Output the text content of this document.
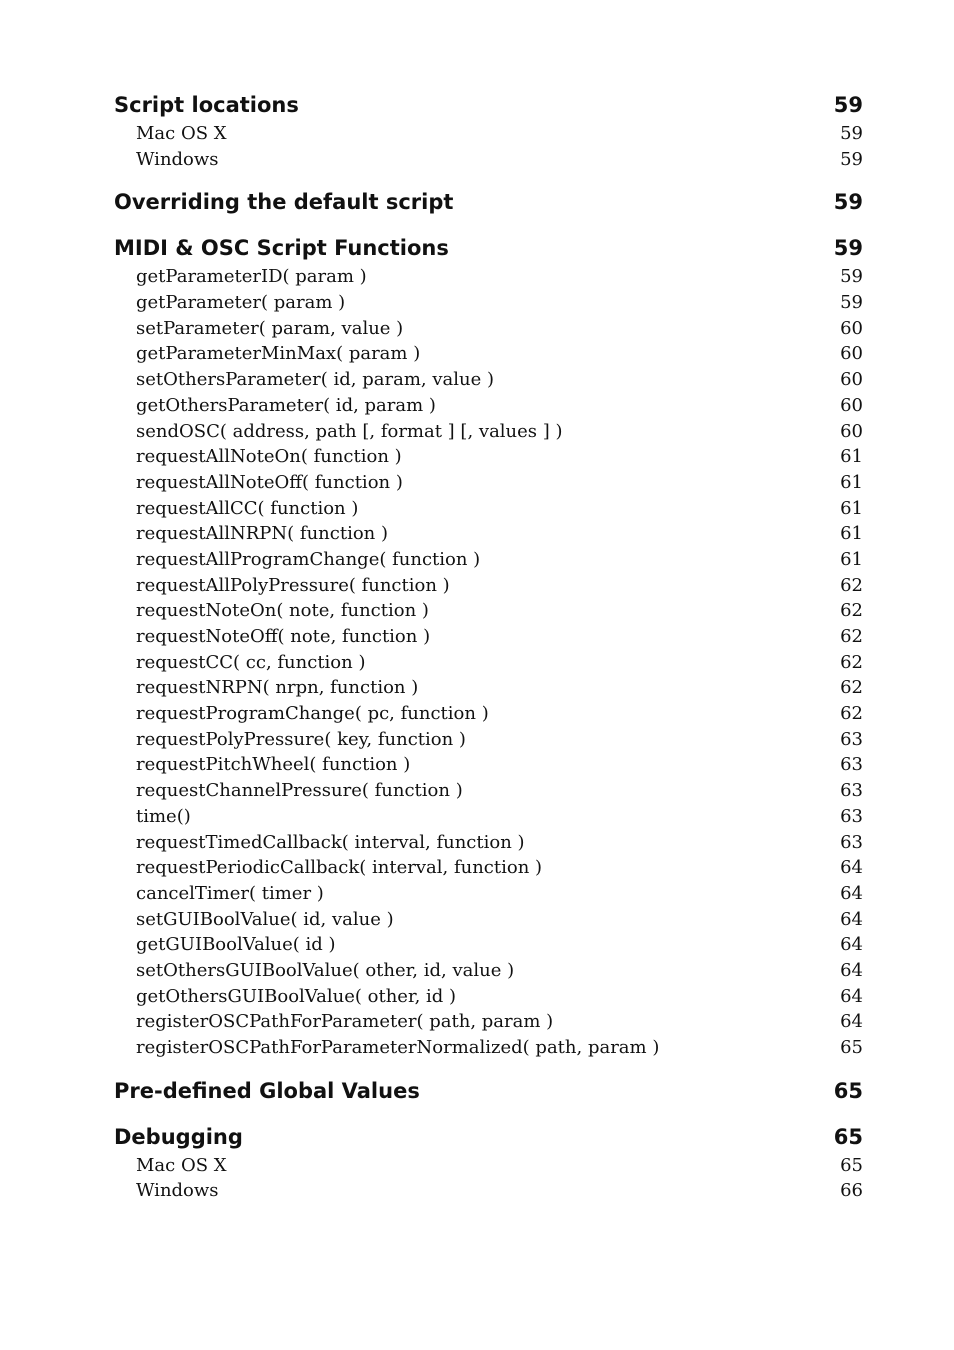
Script locations	59
Mac OS X	59
Windows	59
Overriding the default script	59
MIDI & OSC Script Functions	59
getParameterID( param )	59
getParameter( param )	59
setParameter( param, value )	60
getParameterMinMax( param )	60
setOthersParameter( id, param, value )	60
getOthersParameter( id, param )	60
sendOSC( address, path [, format ] [, values ] )	60
requestAllNoteOn( function )	61
requestAllNoteOff( function )	61
requestAllCC( function )	61
requestAllNRPN( function )	61
requestAllProgramChange( function )	61
requestAllPolyPressure( function )	62
requestNoteOn( note, function )	62
requestNoteOff( note, function )	62
requestCC( cc, function )	62
requestNRPN( nrpn, function )	62
requestProgramChange( pc, function )	62
requestPolyPressure( key, function )	63
requestPitchWheel( function )	63
requestChannelPressure( function )	63
time()	63
requestTimedCallback( interval, function )	63
requestPeriodicCallback( interval, function )	64
cancelTimer( timer )	64
setGUIBoolValue( id, value )	64
getGUIBoolValue( id )	64
setOthersGUIBoolValue( other, id, value )	64
getOthersGUIBoolValue( other, id )	64
registerOSCPathForParameter( path, param )	64
registerOSCPathForParameterNormalized( path, param )	65
Pre-defined Global Values	65
Debugging	65
Mac OS X	65
Windows	66
